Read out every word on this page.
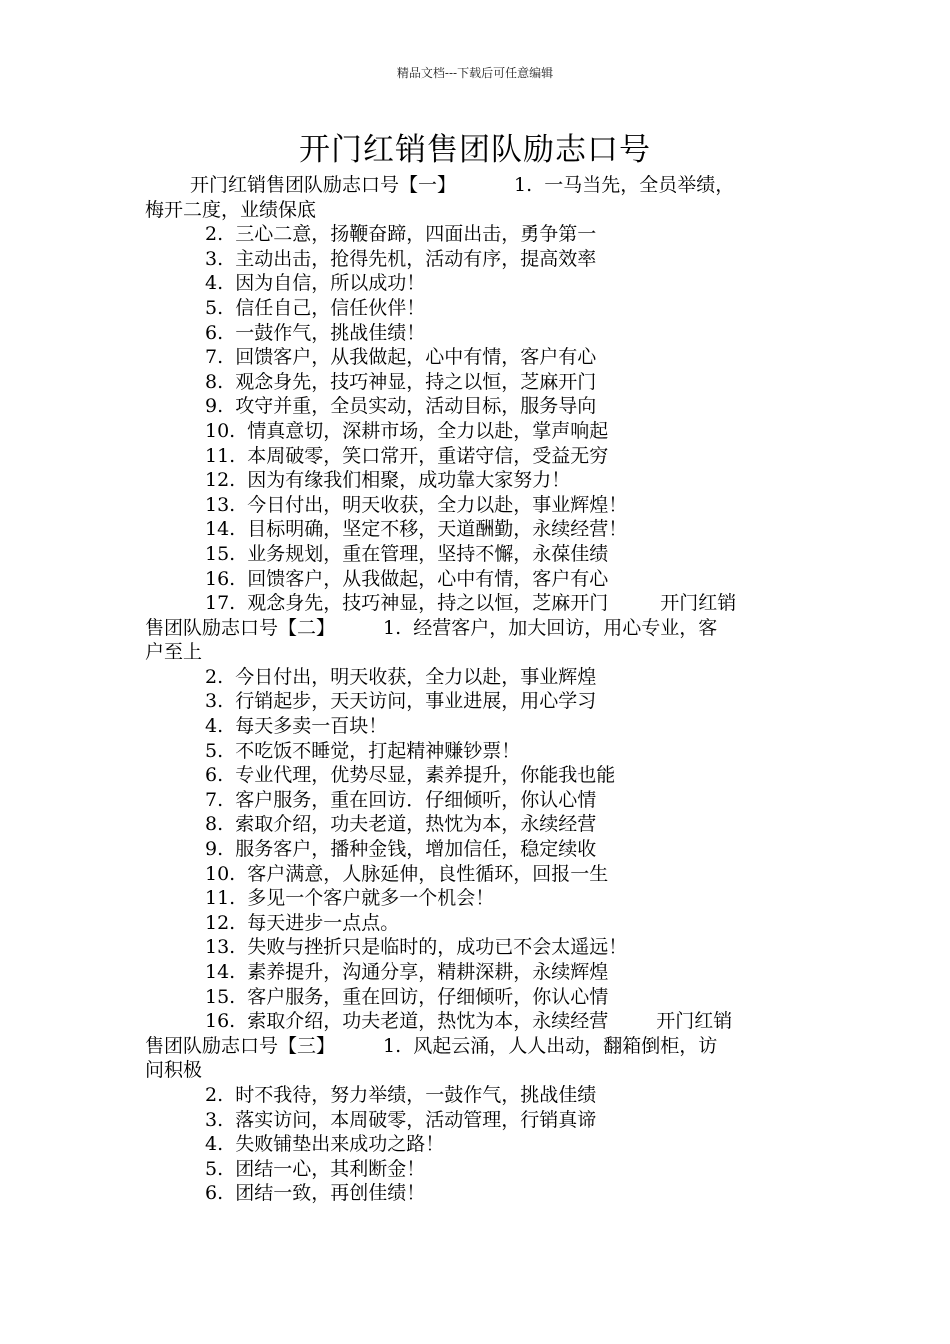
精品文档---下载后可任意编辑
开门红销售团队励志口号
开门红销售团队励志口号【一】	1.  一马当先，全员举绩，
梅开二度，业绩保底
2.  三心二意，扬鞭奋蹄，四面出击，勇争第一
3.  主动出击，抢得先机，活动有序，提高效率
4.  因为自信，所以成功！
5.  信任自己，信任伙伴！
6.  一鼓作气，挑战佳绩！
7.  回馈客户，从我做起，心中有情，客户有心
8.  观念身先，技巧神显，持之以恒，芝麻开门
9.  攻守并重，全员实动，活动目标，服务导向
10.  情真意切，深耕市场，全力以赴，掌声响起
11.  本周破零，笑口常开，重诺守信，受益无穷
12.  因为有缘我们相聚，成功靠大家努力！
13.  今日付出，明天收获，全力以赴，事业辉煌！
14.  目标明确，坚定不移，天道酬勤，永续经营！
15.  业务规划，重在管理，坚持不懈，永葆佳绩
16.  回馈客户，从我做起，心中有情，客户有心
17.  观念身先，技巧神显，持之以恒，芝麻开门	开门红销
售团队励志口号【二】	1.  经营客户，加大回访，用心专业，客
户至上
2.  今日付出，明天收获，全力以赴，事业辉煌
3.  行销起步，天天访问，事业进展，用心学习
4.  每天多卖一百块！
5.  不吃饭不睡觉，打起精神赚钞票！
6.  专业代理，优势尽显，素养提升，你能我也能
7.  客户服务，重在回访．仔细倾听，你认心情
8.  索取介绍，功夫老道，热忱为本，永续经营
9.  服务客户，播种金钱，增加信任，稳定续收
10.  客户满意，人脉延伸，良性循环，回报一生
11.  多见一个客户就多一个机会！
12.  每天进步一点点。
13.  失败与挫折只是临时的，成功已不会太遥远！
14.  素养提升，沟通分享，精耕深耕，永续辉煌
15.  客户服务，重在回访，仔细倾听，你认心情
16.  索取介绍，功夫老道，热忱为本，永续经营	开门红销
售团队励志口号【三】	1.  风起云涌，人人出动，翻箱倒柜，访
问积极
2.  时不我待，努力举绩，一鼓作气，挑战佳绩
3.  落实访问，本周破零，活动管理，行销真谛
4.  失败铺垫出来成功之路！
5.  团结一心，其利断金！
6.  团结一致，再创佳绩！
